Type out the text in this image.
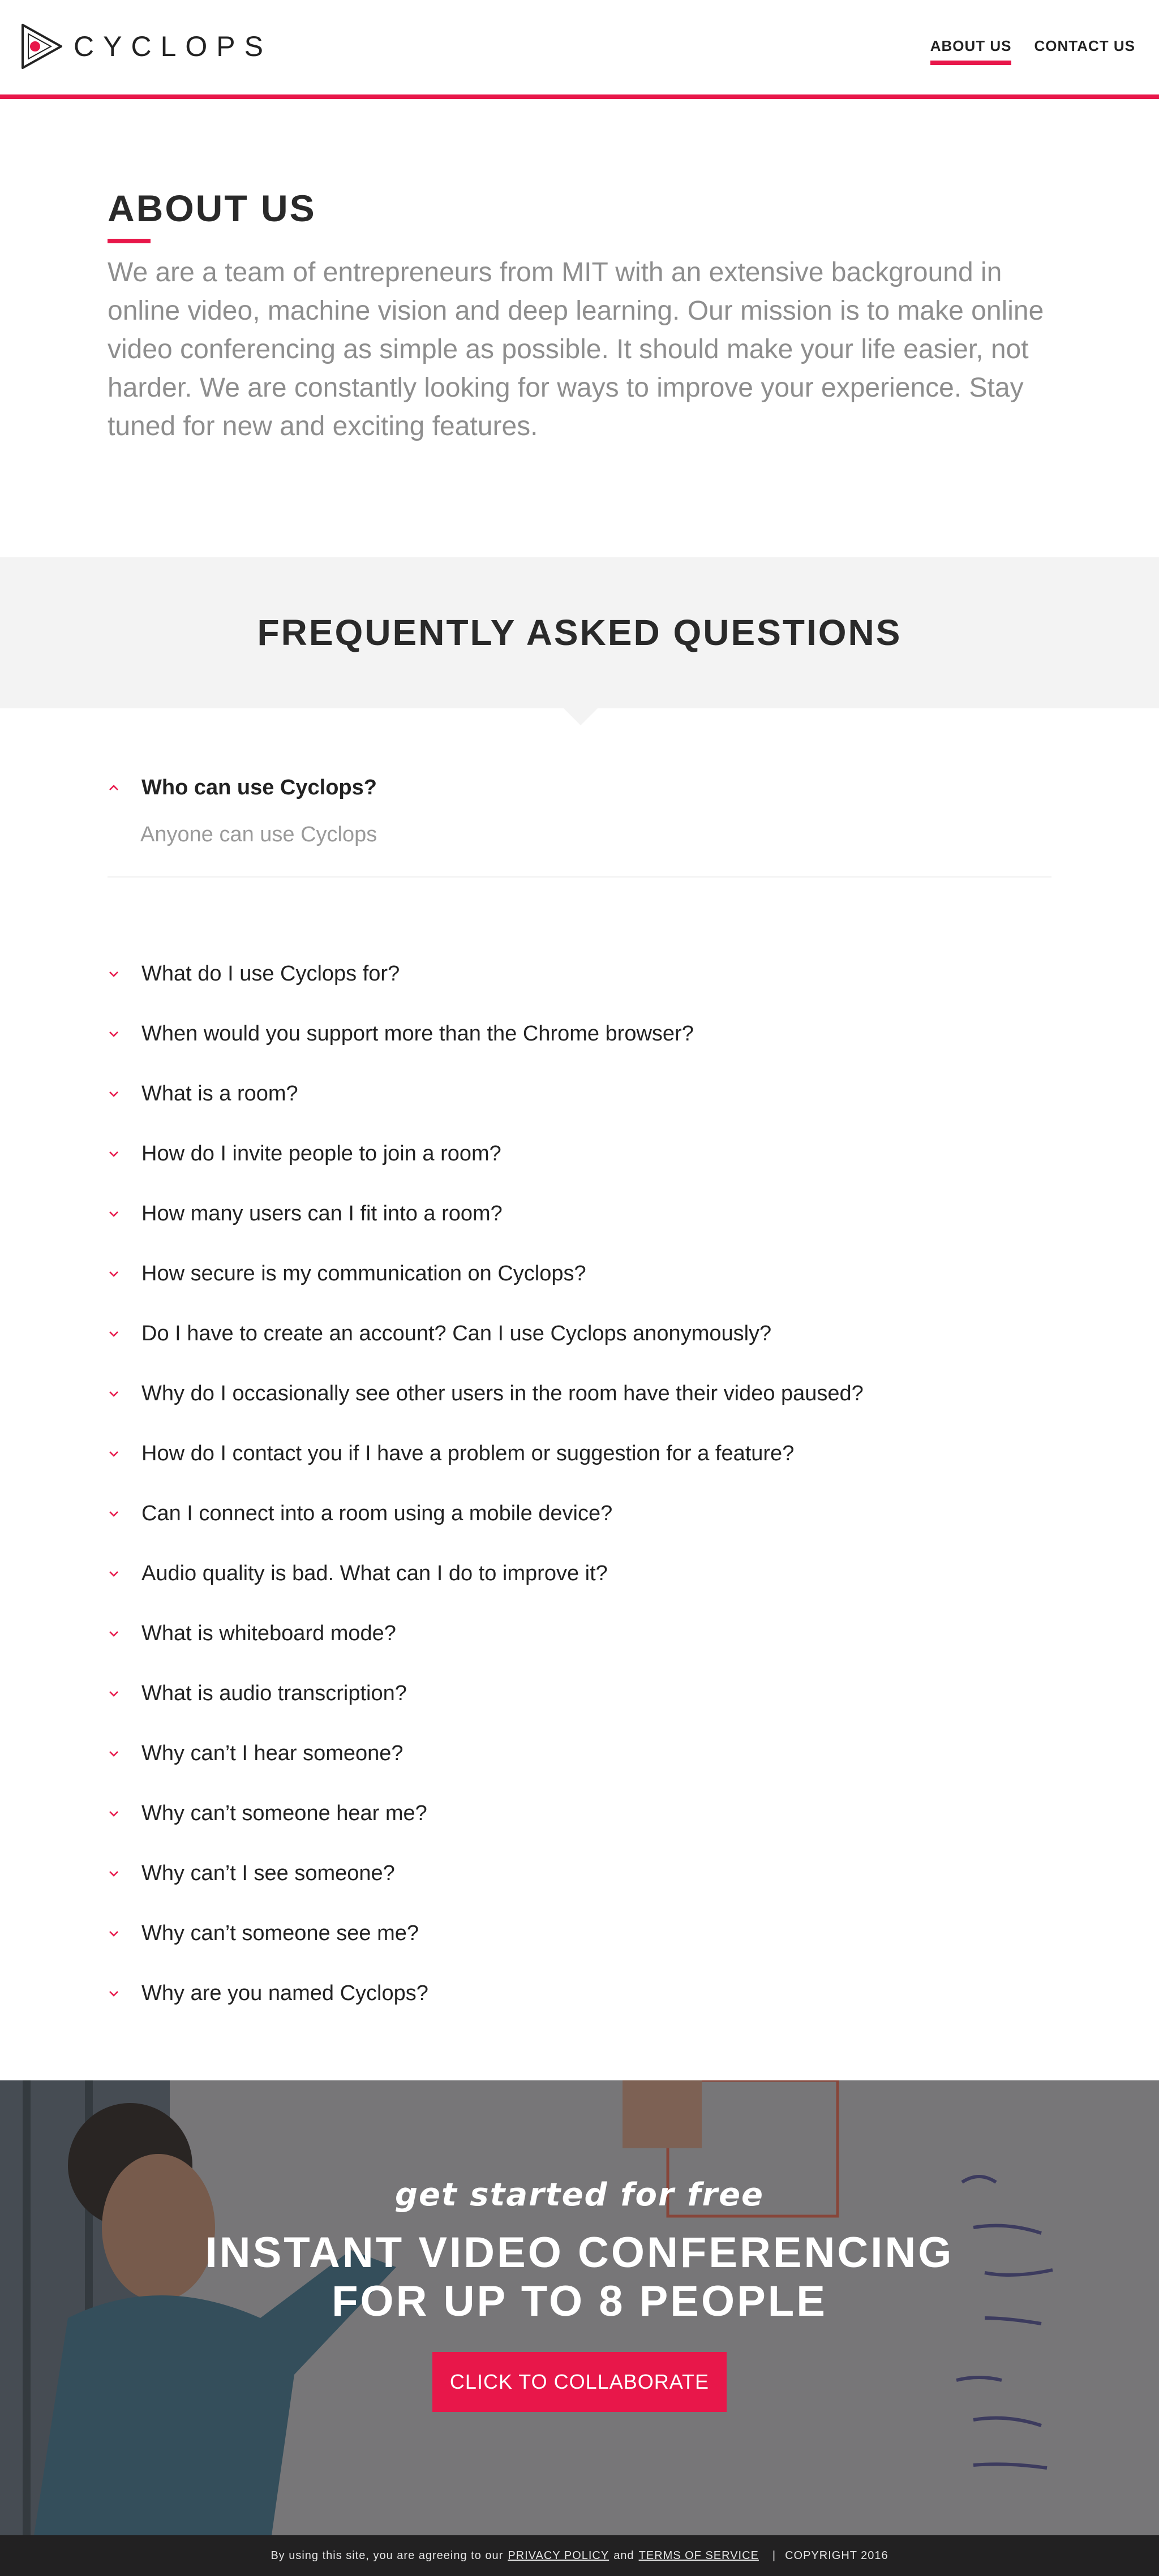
CYCLOPS	ABOUT US CONTACT US
ABOUT US

We are a team of entrepreneurs from MIT with an extensive background in online video, machine vision and deep learning. Our mission is to make online video conferencing as simple as possible. It should make your life easier, not harder. We are constantly looking for ways to improve your experience. Stay tuned for new and exciting features.

FREQUENTLY ASKED QUESTIONS
Who can use Cyclops?

Anyone can use Cyclops

What do I use Cyclops for?
When would you support more than the Chrome browser?
What is a room?
How do I invite people to join a room?
How many users can I fit into a room?
How secure is my communication on Cyclops?
Do I have to create an account? Can I use Cyclops anonymously?
Why do I occasionally see other users in the room have their video paused?
How do I contact you if I have a problem or suggestion for a feature?
Can I connect into a room using a mobile device?
Audio quality is bad. What can I do to improve it?
What is whiteboard mode?
What is audio transcription?
Why can’t I hear someone?
Why can’t someone hear me?
Why can’t I see someone?
Why can’t someone see me?
Why are you named Cyclops?
get started for free
INSTANT VIDEO CONFERENCING
FOR UP TO 8 PEOPLE
CLICK TO COLLABORATE
By using this site, you are agreeing to our PRIVACY POLICY and TERMS OF SERVICE | COPYRIGHT 2016
